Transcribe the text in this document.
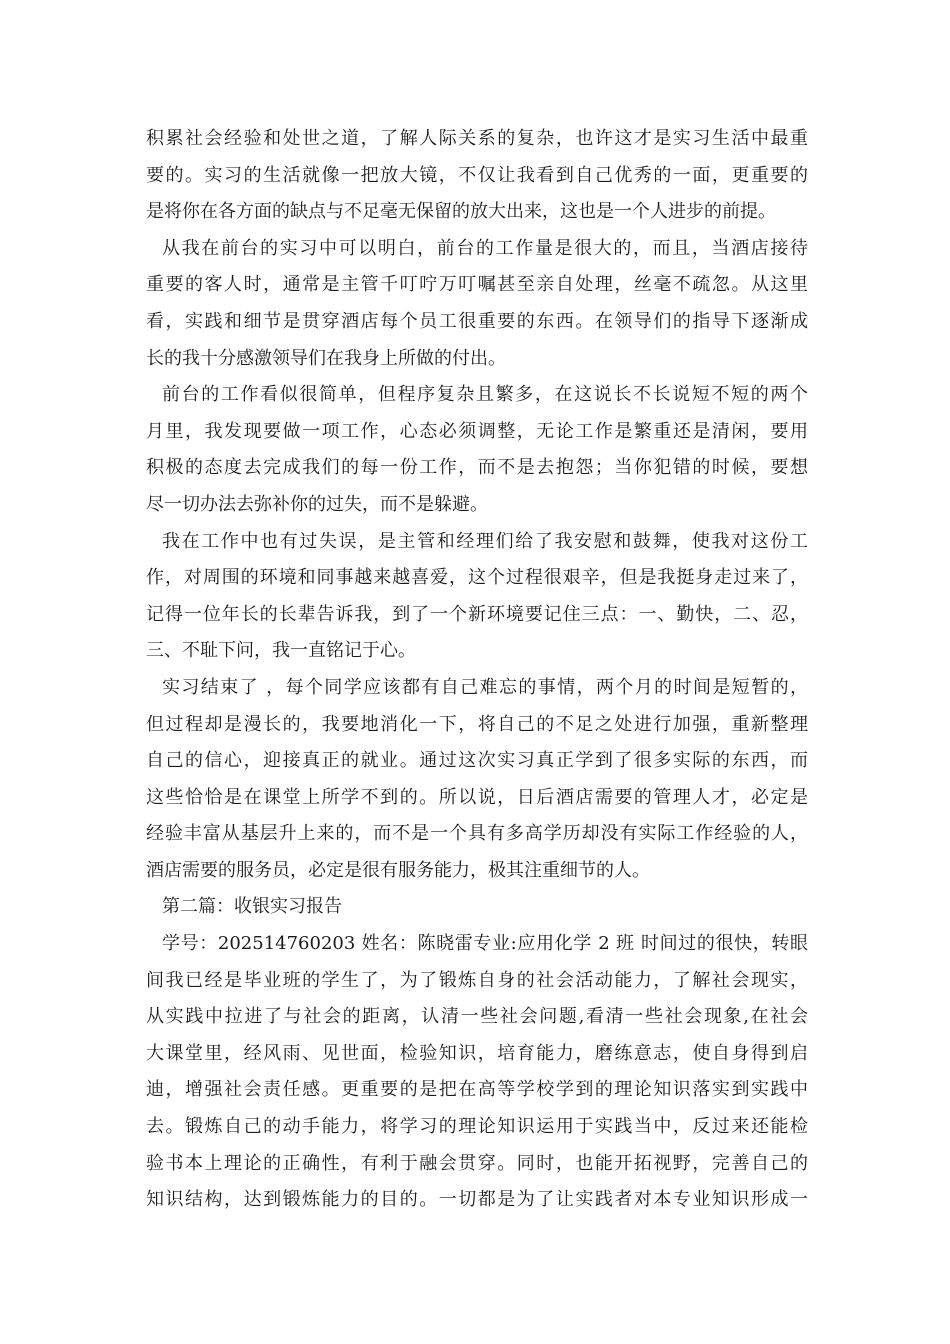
积累社会经验和处世之道，了解人际关系的复杂，也许这才是实习生活中最重
要的。实习的生活就像一把放大镜，不仅让我看到自己优秀的一面，更重要的
是将你在各方面的缺点与不足毫无保留的放大出来，这也是一个人进步的前提。
从我在前台的实习中可以明白，前台的工作量是很大的，而且，当酒店接待
重要的客人时，通常是主管千叮咛万叮嘱甚至亲自处理，丝毫不疏忽。从这里
看，实践和细节是贯穿酒店每个员工很重要的东西。在领导们的指导下逐渐成
长的我十分感激领导们在我身上所做的付出。
前台的工作看似很简单，但程序复杂且繁多，在这说长不长说短不短的两个
月里，我发现要做一项工作，心态必须调整，无论工作是繁重还是清闲，要用
积极的态度去完成我们的每一份工作，而不是去抱怨；当你犯错的时候，要想
尽一切办法去弥补你的过失，而不是躲避。
我在工作中也有过失误，是主管和经理们给了我安慰和鼓舞，使我对这份工
作，对周围的环境和同事越来越喜爱，这个过程很艰辛，但是我挺身走过来了，
记得一位年长的长辈告诉我，到了一个新环境要记住三点：一、勤快，二、忍，
三、不耻下问，我一直铭记于心。
实习结束了 ，每个同学应该都有自己难忘的事情，两个月的时间是短暂的，
但过程却是漫长的，我要地消化一下，将自己的不足之处进行加强，重新整理
自己的信心，迎接真正的就业。通过这次实习真正学到了很多实际的东西，而
这些恰恰是在课堂上所学不到的。所以说，日后酒店需要的管理人才，必定是
经验丰富从基层升上来的，而不是一个具有多高学历却没有实际工作经验的人，
酒店需要的服务员，必定是很有服务能力，极其注重细节的人。
第二篇：收银实习报告
学号：202514760203 姓名：陈晓雷专业:应用化学 2 班 时间过的很快，转眼
间我已经是毕业班的学生了，为了锻炼自身的社会活动能力，了解社会现实，
从实践中拉进了与社会的距离，认清一些社会问题,看清一些社会现象,在社会
大课堂里，经风雨、见世面，检验知识，培育能力，磨练意志，使自身得到启
迪，增强社会责任感。更重要的是把在高等学校学到的理论知识落实到实践中
去。锻炼自己的动手能力，将学习的理论知识运用于实践当中，反过来还能检
验书本上理论的正确性，有利于融会贯穿。同时，也能开拓视野，完善自己的
知识结构，达到锻炼能力的目的。一切都是为了让实践者对本专业知识形成一
